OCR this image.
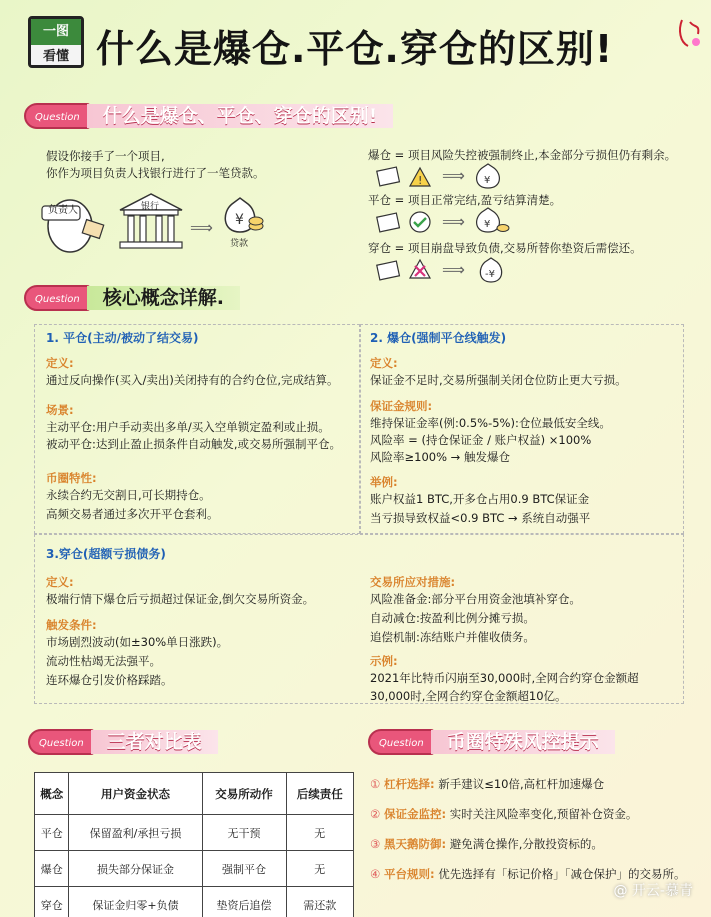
一图
看懂 什么是爆仓.平仓.穿仓的区别!
Question	什么是爆仓、平仓、穿仓的区别!
假设你接手了一个项目,
你作为项目负责人找银行进行了一笔贷款。
负责人	银行
⟹ ¥
贷款
爆仓 = 项目风险失控被强制终止,本金部分亏损但仍有剩余。
平仓 = 项目正常完结,盈亏结算清楚。
穿仓 = 项目崩盘导致负债,交易所替你垫资后需偿还。
! ⟹ ¥
⟹ ¥
⟹ -¥
Question	核心概念详解.
1. 平仓(主动/被动了结交易)
定义:
通过反向操作(买入/卖出)关闭持有的合约仓位,完成结算。
场景:
主动平仓:用户手动卖出多单/买入空单锁定盈利或止损。
被动平仓:达到止盈止损条件自动触发,或交易所强制平仓。
币圈特性:
永续合约无交割日,可长期持仓。
高频交易者通过多次开平仓套利。
2. 爆仓(强制平仓线触发)
定义:
保证金不足时,交易所强制关闭仓位防止更大亏损。
保证金规则:
维持保证金率(例:0.5%-5%):仓位最低安全线。
风险率 = (持仓保证金 / 账户权益) ×100%
风险率≥100% → 触发爆仓
举例:
账户权益1 BTC,开多仓占用0.9 BTC保证金
当亏损导致权益<0.9 BTC → 系统自动强平
3.穿仓(超额亏损债务)
定义:
极端行情下爆仓后亏损超过保证金,倒欠交易所资金。
触发条件:
市场剧烈波动(如±30%单日涨跌)。
流动性枯竭无法强平。
连环爆仓引发价格踩踏。
交易所应对措施:
风险准备金:部分平台用资金池填补穿仓。
自动减仓:按盈利比例分摊亏损。
追偿机制:冻结账户并催收债务。
示例:
2021年比特币闪崩至30,000时,全网合约穿仓金额超
30,000时,全网合约穿仓金额超10亿。
Question	三者对比表
概念	用户资金状态	交易所动作	后续责任
平仓	保留盈利/承担亏损	无干预	无
爆仓	损失部分保证金	强制平仓	无
穿仓	保证金归零+负债	垫资后追偿	需还款
Question	币圈特殊风控提示
① 杠杆选择: 新手建议≤10倍,高杠杆加速爆仓
② 保证金监控: 实时关注风险率变化,预留补仓资金。
③ 黑天鹅防御: 避免满仓操作,分散投资标的。
④ 平台规则: 优先选择有「标记价格」「减仓保护」的交易所。
@ 开云-慕青
